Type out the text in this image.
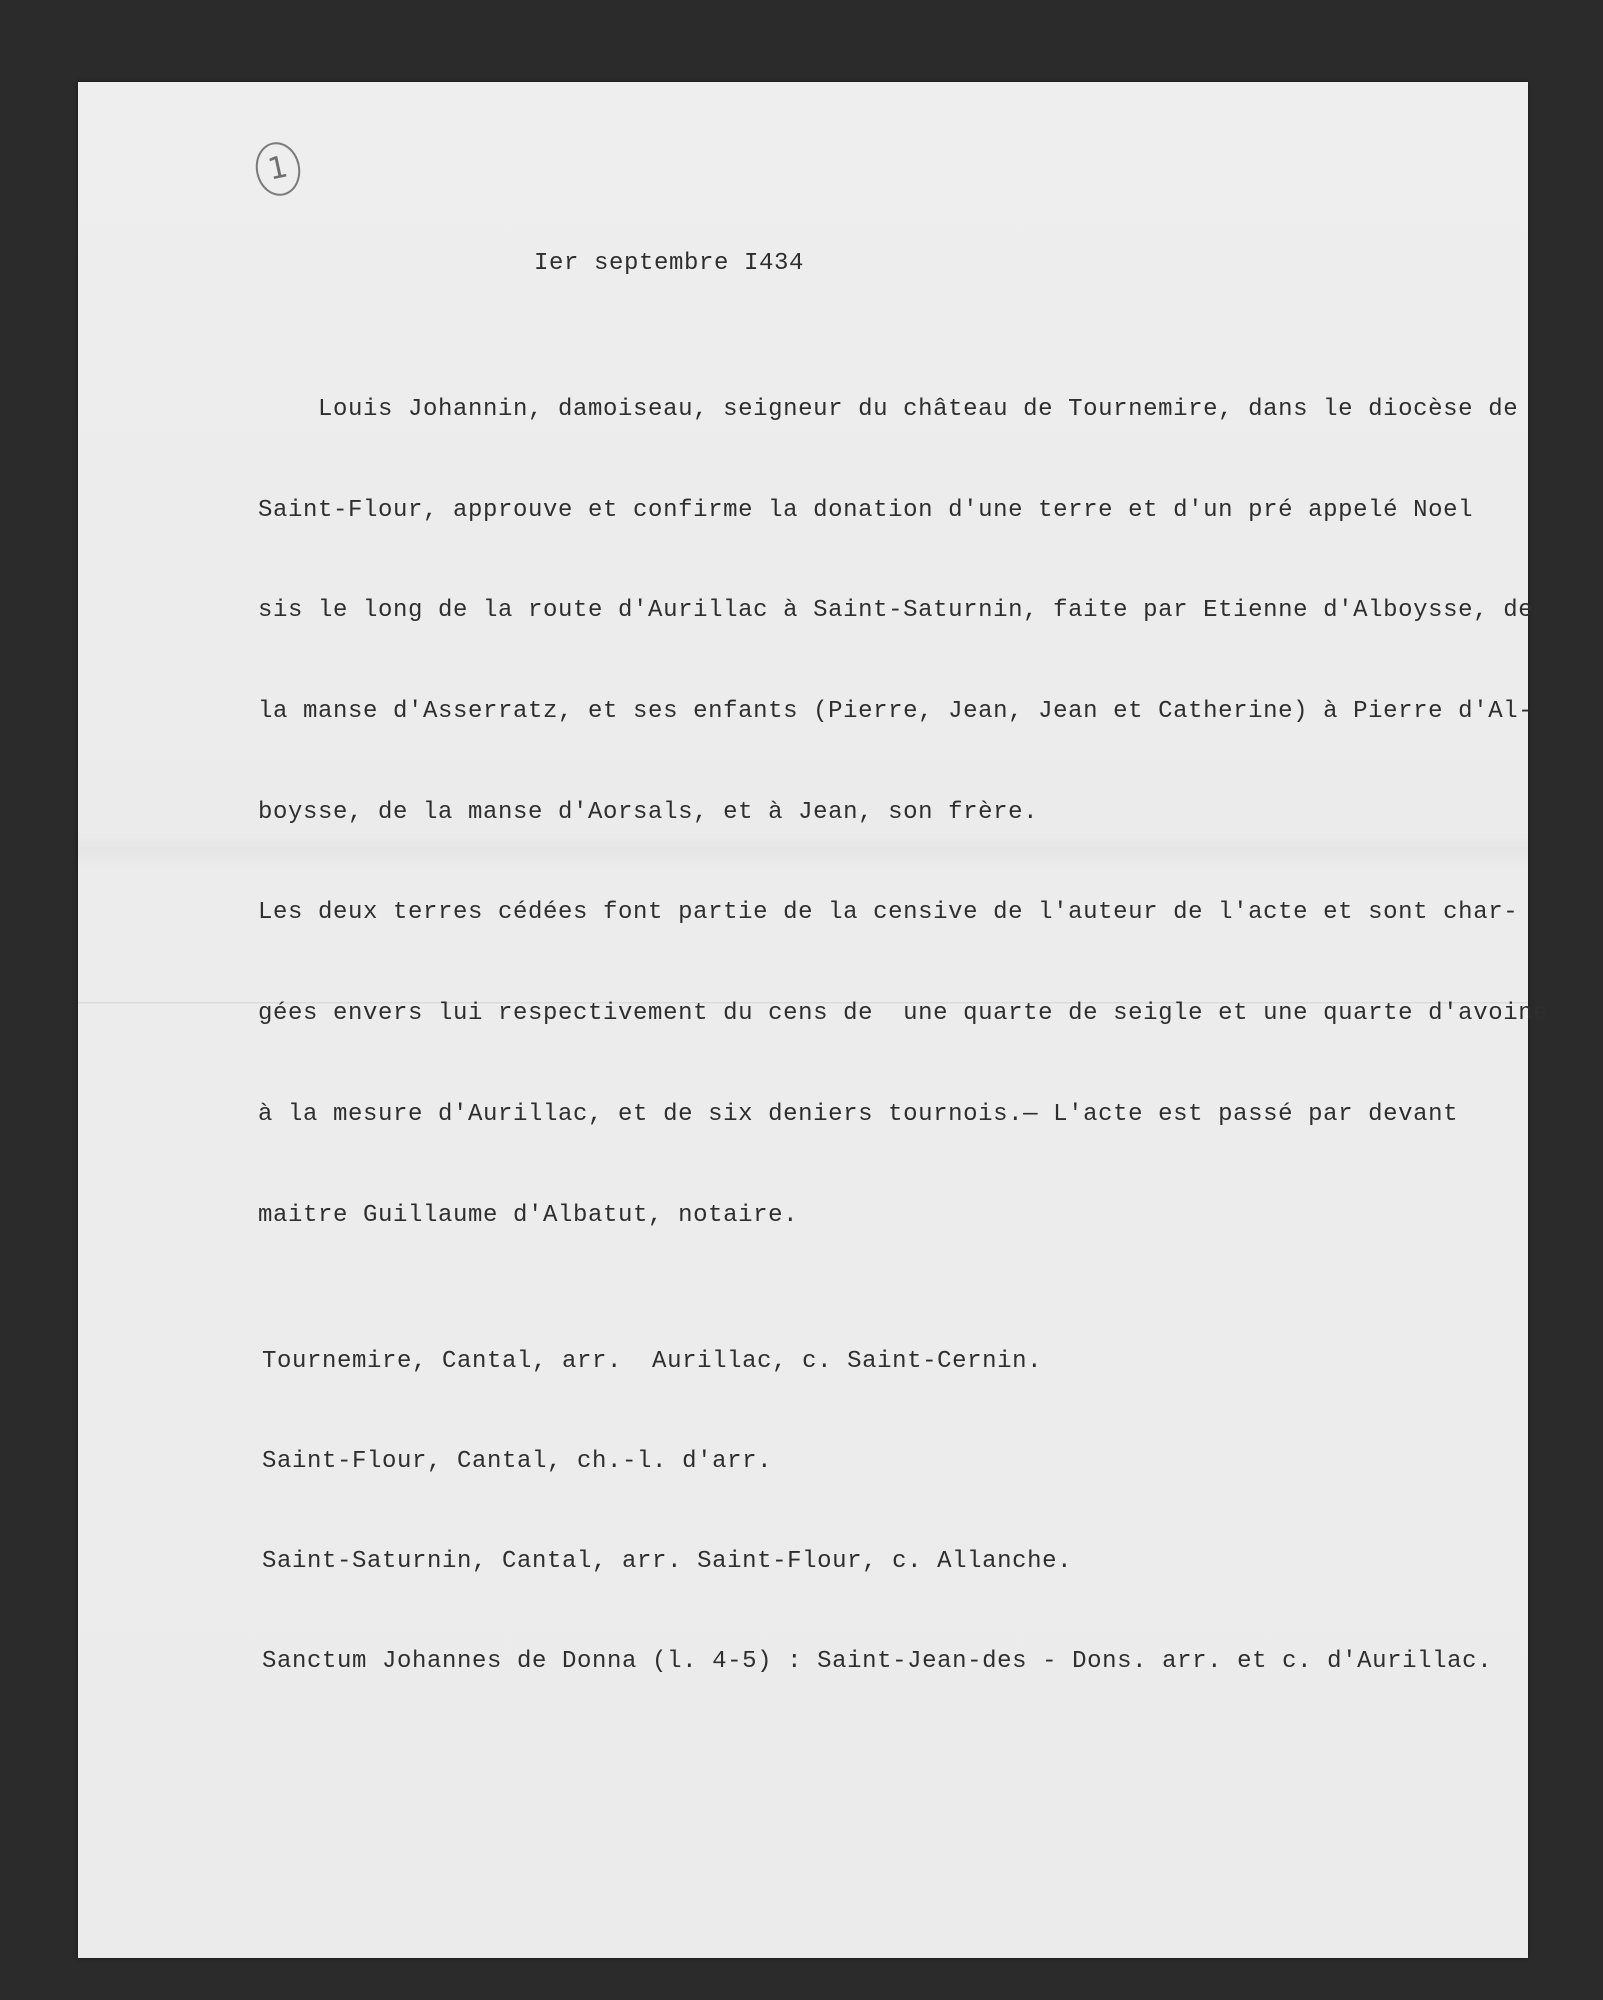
1
Ier septembre I434

Louis Johannin, damoiseau, seigneur du château de Tournemire, dans le diocèse de

Saint-Flour, approuve et confirme la donation d'une terre et d'un pré appelé Noel

sis le long de la route d'Aurillac à Saint-Saturnin, faite par Etienne d'Alboysse, de

la manse d'Asserratz, et ses enfants (Pierre, Jean, Jean et Catherine) à Pierre d'Al-

boysse, de la manse d'Aorsals, et à Jean, son frère.

Les deux terres cédées font partie de la censive de l'auteur de l'acte et sont char-

gées envers lui respectivement du cens de  une quarte de seigle et une quarte d'avoine

à la mesure d'Aurillac, et de six deniers tournois.— L'acte est passé par devant

maitre Guillaume d'Albatut, notaire.

Tournemire, Cantal, arr.  Aurillac, c. Saint-Cernin.

Saint-Flour, Cantal, ch.-l. d'arr.

Saint-Saturnin, Cantal, arr. Saint-Flour, c. Allanche.

Sanctum Johannes de Donna (l. 4-5) : Saint-Jean-des - Dons. arr. et c. d'Aurillac.
